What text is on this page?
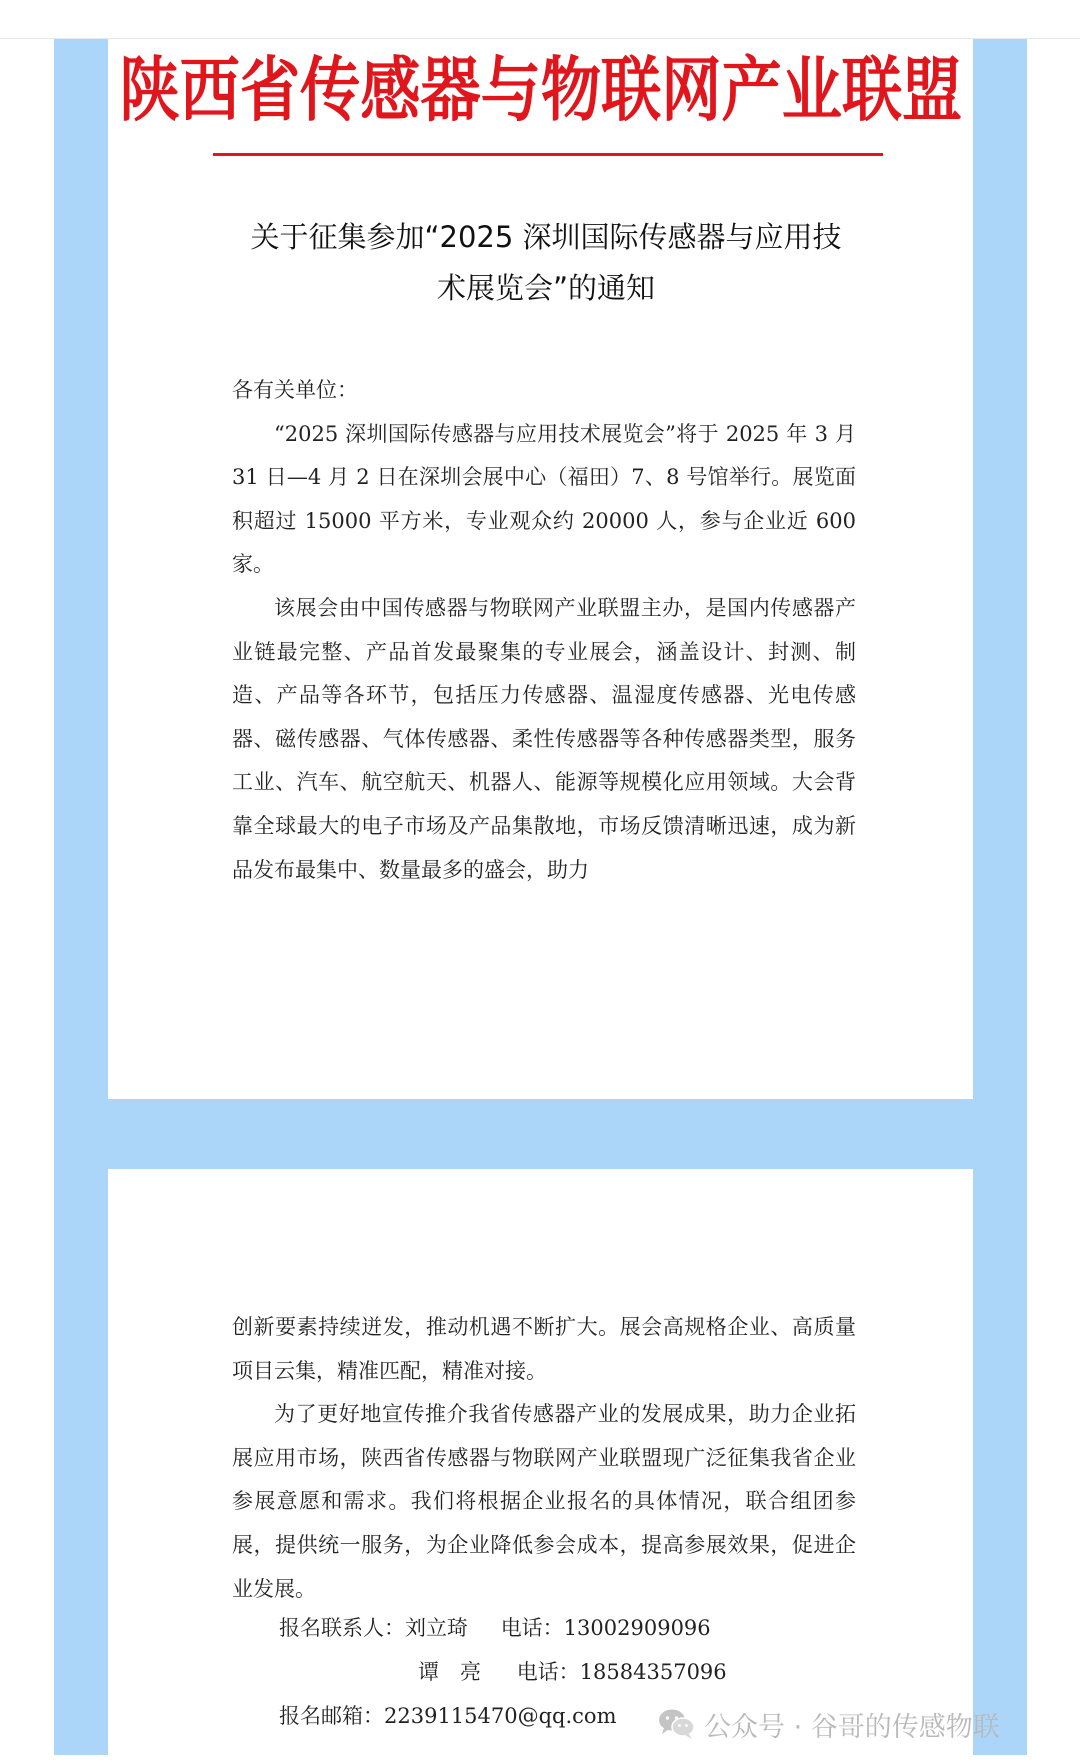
陕西省传感器与物联网产业联盟
关于征集参加“2025 深圳国际传感器与应用技
术展览会”的通知

各有关单位：

“2025 深圳国际传感器与应用技术展览会”将于 2025 年 3 月 31 日—4 月 2 日在深圳会展中心（福田）7、8 号馆举行。展览面积超过 15000 平方米，专业观众约 20000 人，参与企业近 600 家。

该展会由中国传感器与物联网产业联盟主办，是国内传感器产业链最完整、产品首发最聚集的专业展会，涵盖设计、封测、制造、产品等各环节，包括压力传感器、温湿度传感器、光电传感器、磁传感器、气体传感器、柔性传感器等各种传感器类型，服务工业、汽车、航空航天、机器人、能源等规模化应用领域。大会背靠全球最大的电子市场及产品集散地，市场反馈清晰迅速，成为新品发布最集中、数量最多的盛会，助力

创新要素持续迸发，推动机遇不断扩大。展会高规格企业、高质量项目云集，精准匹配，精准对接。

为了更好地宣传推介我省传感器产业的发展成果，助力企业拓展应用市场，陕西省传感器与物联网产业联盟现广泛征集我省企业参展意愿和需求。我们将根据企业报名的具体情况，联合组团参展，提供统一服务，为企业降低参会成本，提高参展效果，促进企业发展。

报名联系人：刘立琦 电话：13002909096
谭　亮 电话：18584357096
报名邮箱：2239115470@qq.com	公众号 · 谷哥的传感物联
